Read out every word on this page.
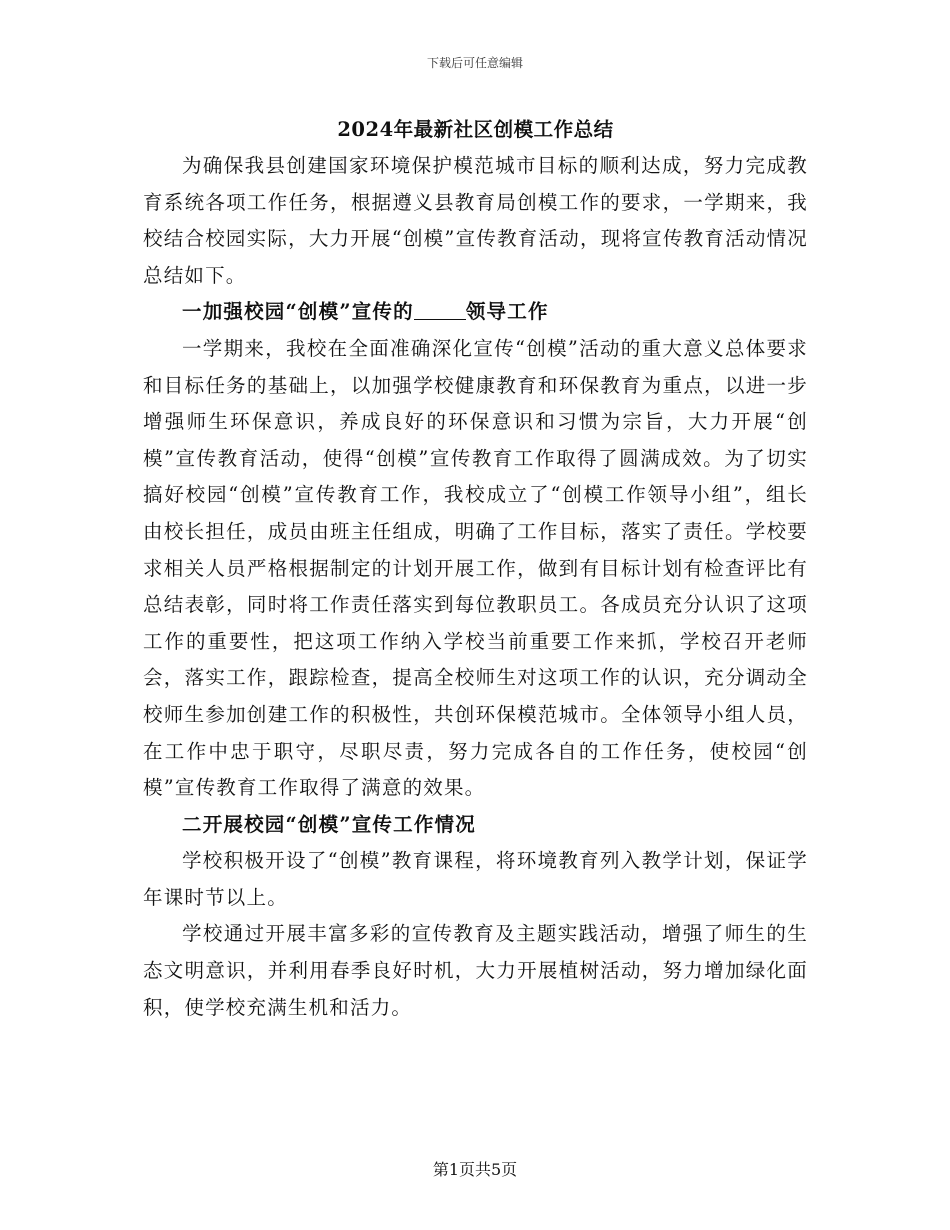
下载后可任意编辑

2024年最新社区创模工作总结

为确保我县创建国家环境保护模范城市目标的顺利达成，努力完成教育系统各项工作任务，根据遵义县教育局创模工作的要求，一学期来，我校结合校园实际，大力开展“创模”宣传教育活动，现将宣传教育活动情况总结如下。

一加强校园“创模”宣传的	领导工作

一学期来，我校在全面准确深化宣传“创模”活动的重大意义总体要求和目标任务的基础上，以加强学校健康教育和环保教育为重点，以进一步增强师生环保意识，养成良好的环保意识和习惯为宗旨，大力开展“创模”宣传教育活动，使得“创模”宣传教育工作取得了圆满成效。为了切实搞好校园“创模”宣传教育工作，我校成立了“创模工作领导小组”，组长由校长担任，成员由班主任组成，明确了工作目标，落实了责任。学校要求相关人员严格根据制定的计划开展工作，做到有目标计划有检查评比有总结表彰，同时将工作责任落实到每位教职员工。各成员充分认识了这项工作的重要性，把这项工作纳入学校当前重要工作来抓，学校召开老师会，落实工作，跟踪检查，提高全校师生对这项工作的认识，充分调动全校师生参加创建工作的积极性，共创环保模范城市。全体领导小组人员，在工作中忠于职守，尽职尽责，努力完成各自的工作任务，使校园“创模”宣传教育工作取得了满意的效果。

二开展校园“创模”宣传工作情况

学校积极开设了“创模”教育课程，将环境教育列入教学计划，保证学年课时节以上。

学校通过开展丰富多彩的宣传教育及主题实践活动，增强了师生的生态文明意识，并利用春季良好时机，大力开展植树活动，努力增加绿化面积，使学校充满生机和活力。

第1页共5页
